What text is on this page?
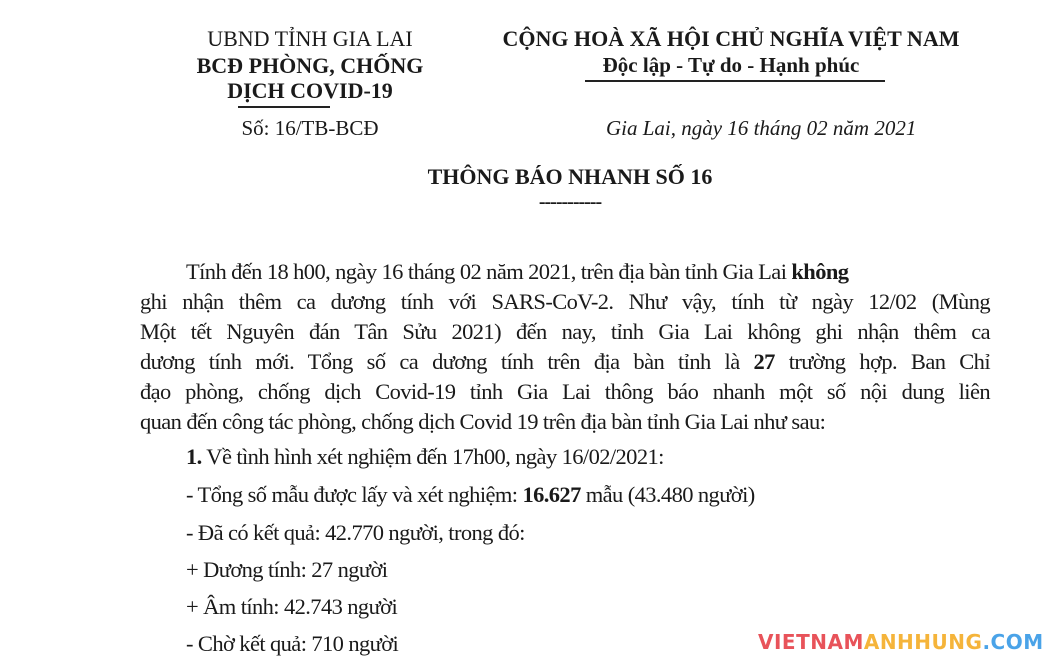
UBND TỈNH GIA LAI
BCĐ PHÒNG, CHỐNG
DỊCH COVID-19
Số: 16/TB-BCĐ
CỘNG HOÀ XÃ HỘI CHỦ NGHĨA VIỆT NAM
Độc lập - Tự do - Hạnh phúc
Gia Lai, ngày 16 tháng 02 năm 2021
THÔNG BÁO NHANH SỐ 16
-----------
Tính đến 18 h00, ngày 16 tháng 02 năm 2021, trên địa bàn tỉnh Gia Lai không
ghi nhận thêm ca dương tính với SARS-CoV-2. Như vậy, tính từ ngày 12/02 (Mùng
Một tết Nguyên đán Tân Sửu 2021) đến nay, tỉnh Gia Lai không ghi nhận thêm ca
dương tính mới. Tổng số ca dương tính trên địa bàn tỉnh là 27 trường hợp. Ban Chỉ
đạo phòng, chống dịch Covid-19 tỉnh Gia Lai thông báo nhanh một số nội dung liên
quan đến công tác phòng, chống dịch Covid 19 trên địa bàn tỉnh Gia Lai như sau:
1. Về tình hình xét nghiệm đến 17h00, ngày 16/02/2021:
- Tổng số mẫu được lấy và xét nghiệm: 16.627 mẫu (43.480 người)
- Đã có kết quả: 42.770 người, trong đó:
+ Dương tính: 27 người
+ Âm tính: 42.743 người
- Chờ kết quả: 710 người	VIETNAMANHHUNG.COM
